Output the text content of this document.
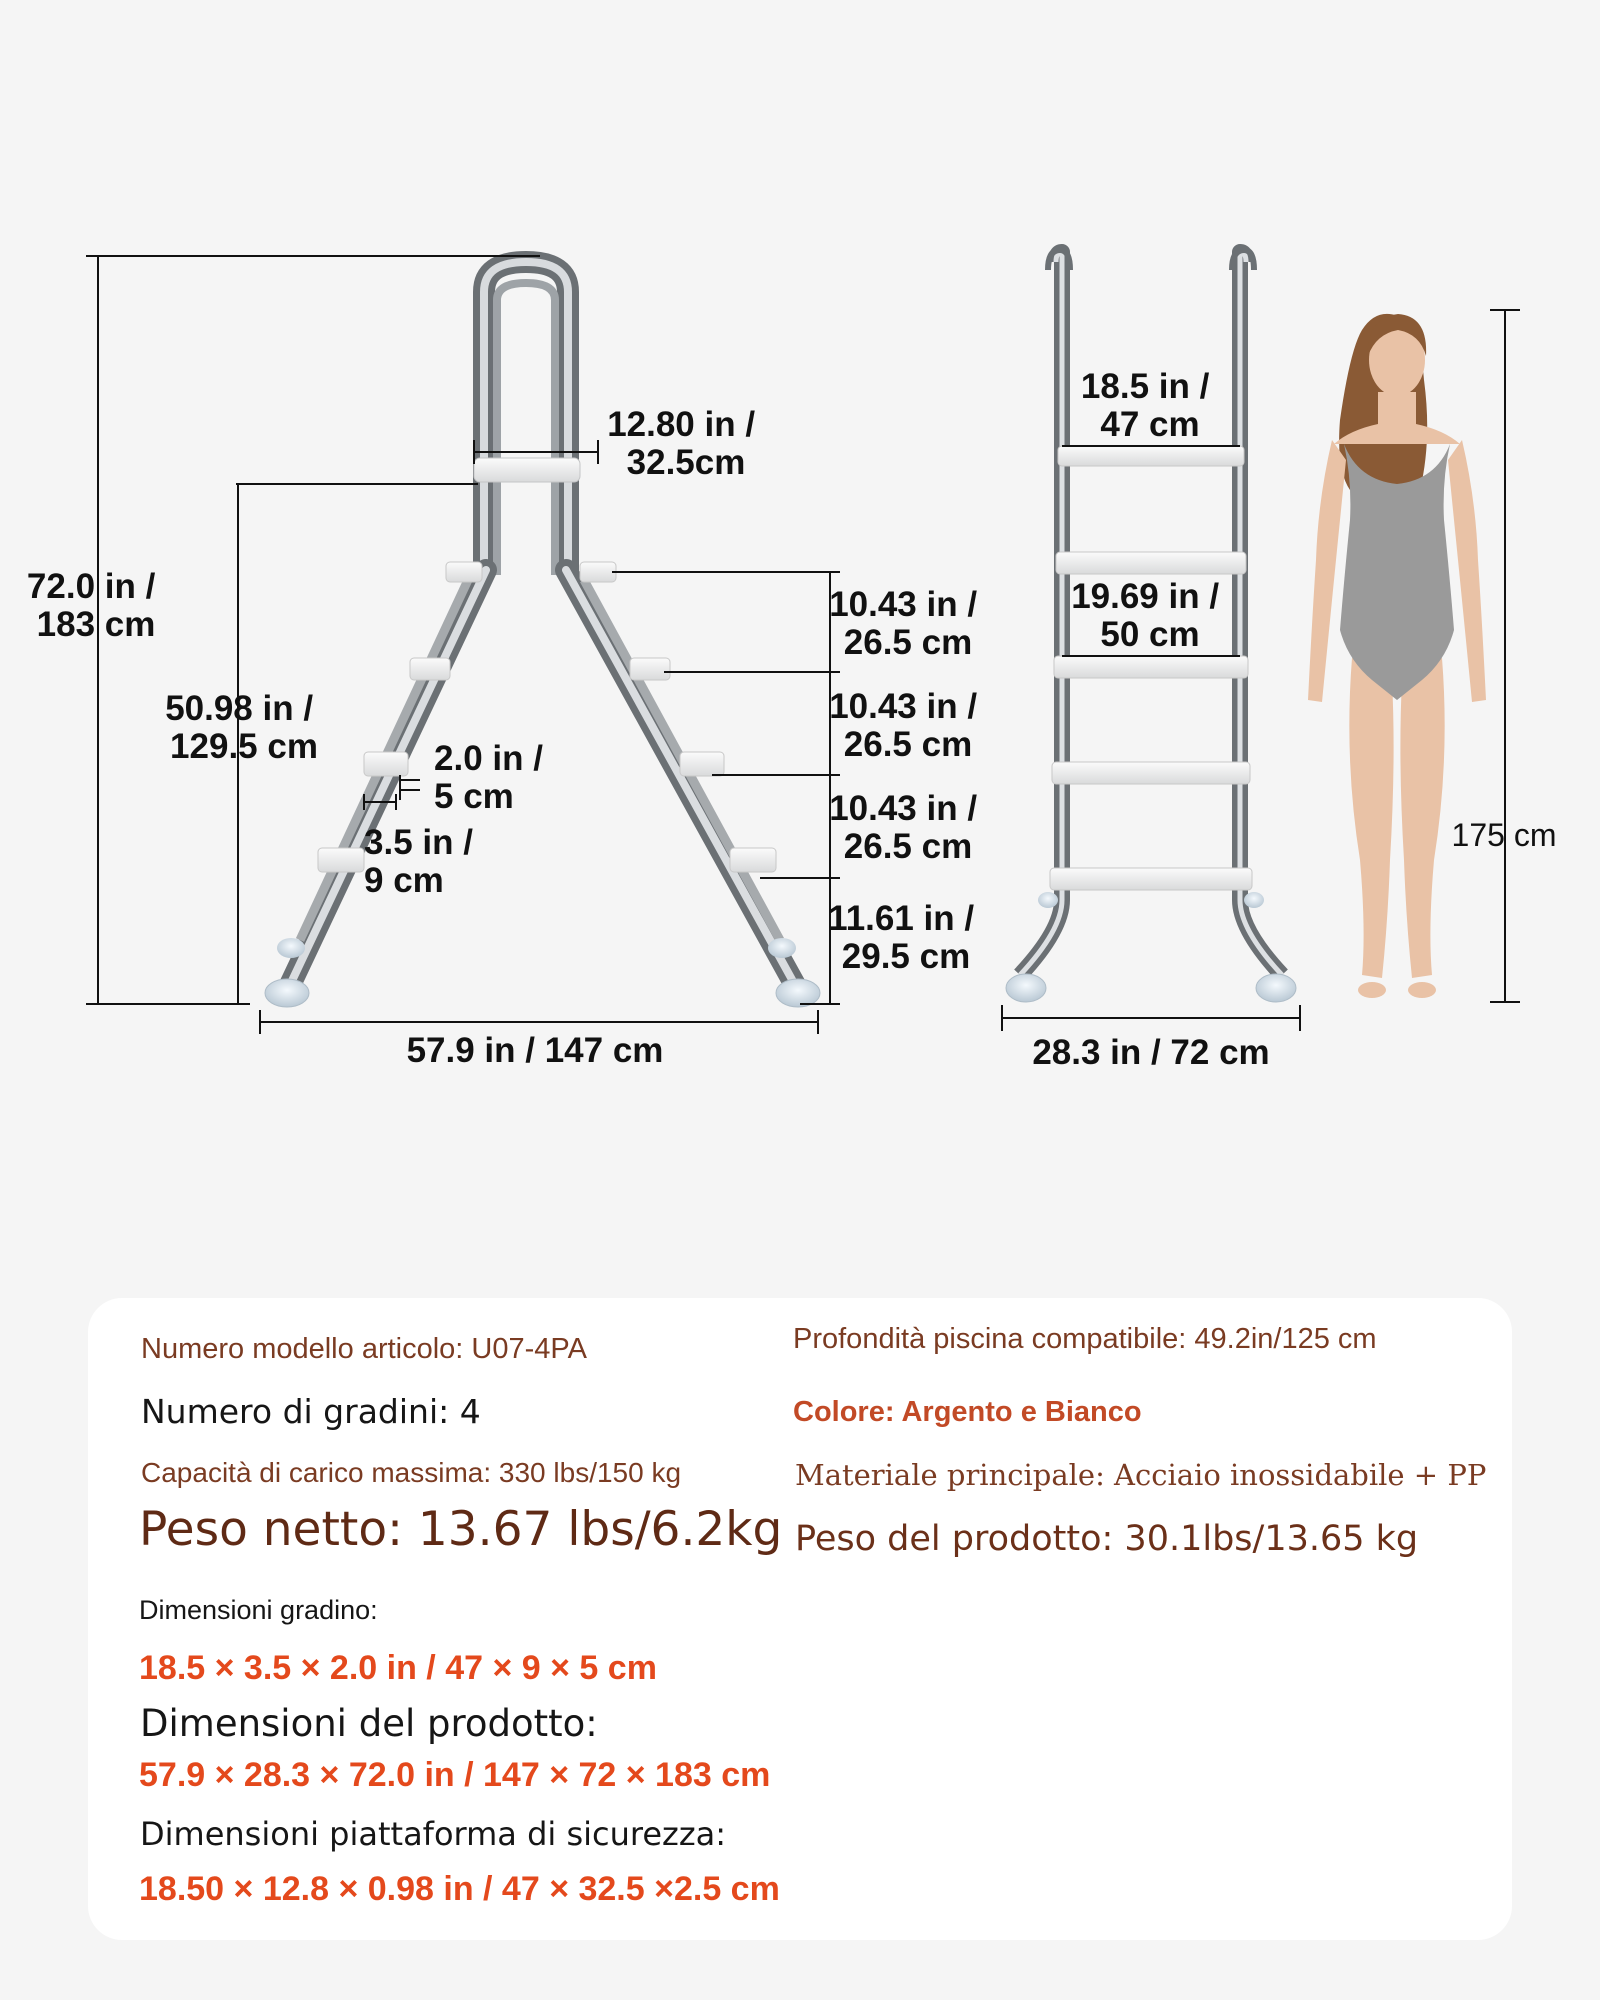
72.0 in / 183 cm
50.98 in / 129.5 cm
12.80 in / 32.5cm
2.0 in / 5 cm
3.5 in / 9 cm
10.43 in / 26.5 cm
10.43 in / 26.5 cm
10.43 in / 26.5 cm
11.61 in / 29.5 cm
57.9 in / 147 cm
18.5 in / 47 cm
19.69 in / 50 cm
28.3 in / 72 cm
175 cm
Numero modello articolo: U07-4PA	Profondità piscina compatibile: 49.2in/125 cm
Numero di gradini: 4	Colore: Argento e Bianco
Capacità di carico massima: 330 lbs/150 kg	Materiale principale: Acciaio inossidabile + PP
Peso netto: 13.67 lbs/6.2kg Peso del prodotto: 30.1lbs/13.65 kg
Dimensioni gradino:
18.5 × 3.5 × 2.0 in / 47 × 9 × 5 cm
Dimensioni del prodotto:
57.9 × 28.3 × 72.0 in / 147 × 72 × 183 cm
Dimensioni piattaforma di sicurezza:
18.50 × 12.8 × 0.98 in / 47 × 32.5 ×2.5 cm
